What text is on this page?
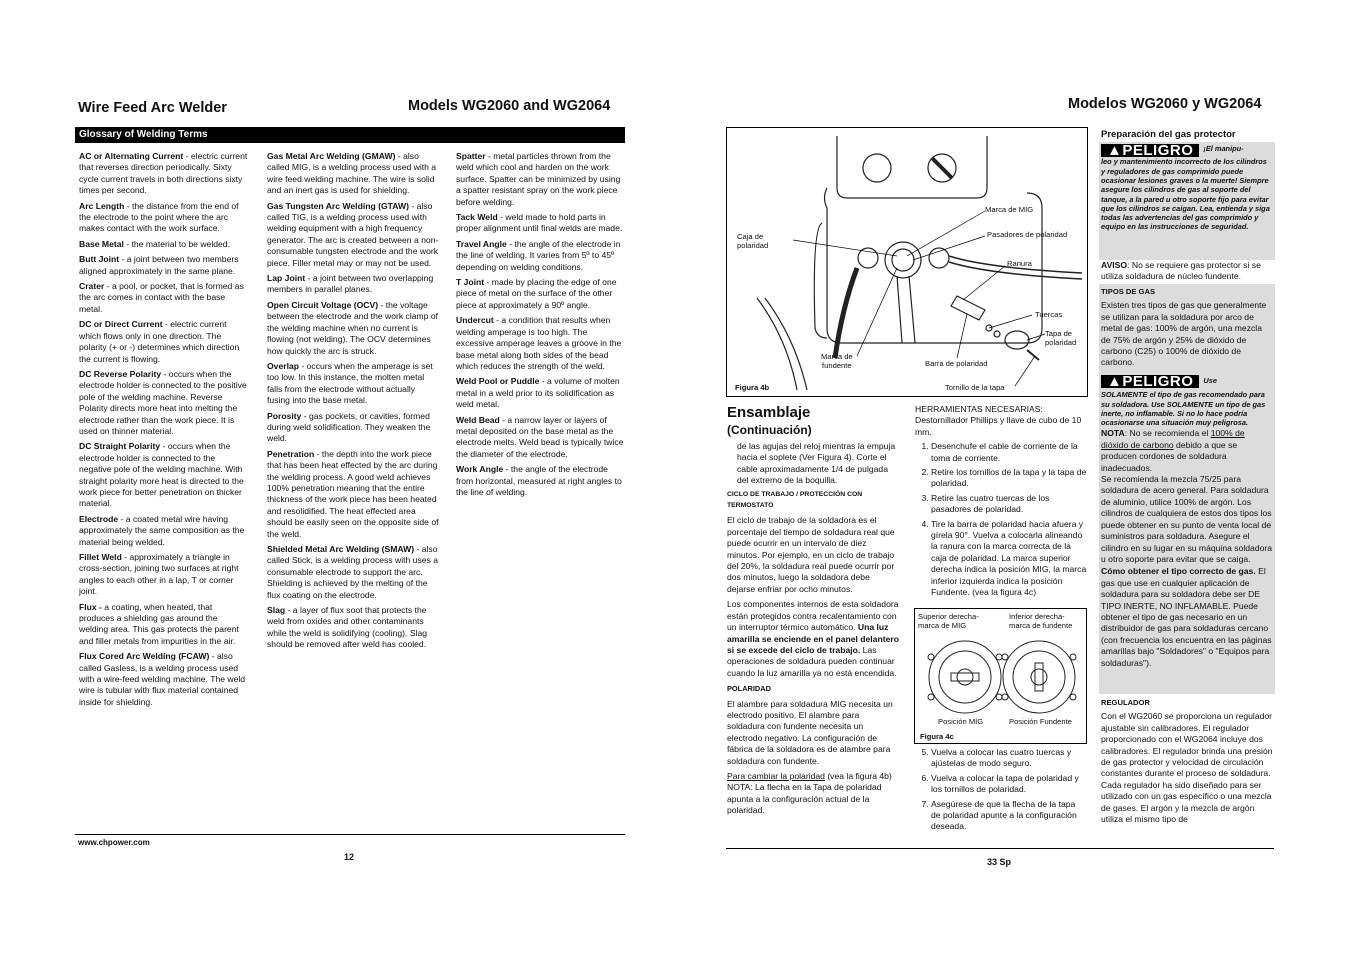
Wire Feed Arc Welder	Models WG2060 and WG2064
Glossary of Welding Terms

AC or Alternating Current - electric current that reverses direction periodically. Sixty cycle current travels in both directions sixty times per second.

Arc Length - the distance from the end of the electrode to the point where the arc makes contact with the work surface.

Base Metal - the material to be welded.

Butt Joint - a joint between two members aligned approximately in the same plane.

Crater - a pool, or pocket, that is formed as the arc comes in contact with the base metal.

DC or Direct Current - electric current which flows only in one direction. The polarity (+ or -) determines which direction the current is flowing.

DC Reverse Polarity - occurs when the electrode holder is connected to the positive pole of the welding machine. Reverse Polarity directs more heat into melting the electrode rather than the work piece. It is used on thinner material.

DC Straight Polarity - occurs when the electrode holder is connected to the negative pole of the welding machine. With straight polarity more heat is directed to the work piece for better penetration on thicker material.

Electrode - a coated metal wire having approximately the same composition as the material being welded.

Fillet Weld - approximately a triangle in cross-section, joining two surfaces at right angles to each other in a lap, T or corner joint.

Flux - a coating, when heated, that produces a shielding gas around the welding area. This gas protects the parent and filler metals from impurities in the air.

Flux Cored Arc Welding (FCAW) - also called Gasless, is a welding process used with a wire-feed welding machine. The weld wire is tubular with flux material contained inside for shielding.

Gas Metal Arc Welding (GMAW) - also called MIG, is a welding process used with a wire feed welding machine. The wire is solid and an inert gas is used for shielding.

Gas Tungsten Arc Welding (GTAW) - also called TIG, is a welding process used with welding equipment with a high frequency generator. The arc is created between a non-consumable tungsten electrode and the work piece. Filler metal may or may not be used.

Lap Joint - a joint between two overlapping members in parallel planes.

Open Circuit Voltage (OCV) - the voltage between the electrode and the work clamp of the welding machine when no current is flowing (not welding). The OCV determines how quickly the arc is struck.

Overlap - occurs when the amperage is set too low. In this instance, the molten metal falls from the electrode without actually fusing into the base metal.

Porosity - gas pockets, or cavities, formed during weld solidification. They weaken the weld.

Penetration - the depth into the work piece that has been heat effected by the arc during the welding process. A good weld achieves 100% penetration meaning that the entire thickness of the work piece has been heated and resolidified. The heat effected area should be easily seen on the opposite side of the weld.

Shielded Metal Arc Welding (SMAW) - also called Stick, is a welding process with uses a consumable electrode to support the arc. Shielding is achieved by the melting of the flux coating on the electrode.

Slag - a layer of flux soot that protects the weld from oxides and other contaminants while the weld is solidifying (cooling). Slag should be removed after weld has cooled.

Spatter - metal particles thrown from the weld which cool and harden on the work surface. Spatter can be minimized by using a spatter resistant spray on the work piece before welding.

Tack Weld - weld made to hold parts in proper alignment until final welds are made.

Travel Angle - the angle of the electrode in the line of welding. It varies from 5º to 45º depending on welding conditions.

T Joint - made by placing the edge of one piece of metal on the surface of the other piece at approximately a 90º angle.

Undercut - a condition that results when welding amperage is too high. The excessive amperage leaves a groove in the base metal along both sides of the bead which reduces the strength of the weld.

Weld Pool or Puddle - a volume of molten metal in a weld prior to its solidification as weld metal.

Weld Bead - a narrow layer or layers of metal deposited on the base metal as the electrode melts. Weld bead is typically twice the diameter of the electrode.

Work Angle - the angle of the electrode from horizontal, measured at right angles to the line of welding.

www.chpower.com
12
Modelos WG2060 y WG2064
Caja de
polaridad
Marca de MIG
Pasadores de polaridad
Ranura
Tuercas
Tapa de
polaridad
Marca de
fundente	Barra de polaridad
Tornillo de la tapa
Figura 4b
Ensamblaje
(Continuación)

de las agujas del reloj mientras la empuja hacia el soplete (Ver Figura 4). Corte el cable aproximadamente 1/4 de pulgada del extremo de la boquilla.

CICLO DE TRABAJO / PROTECCIÓN CON TERMOSTATO

El ciclo de trabajo de la soldadora es el porcentaje del tiempo de soldadura real que puede ocurrir en un intervalo de diez minutos. Por ejemplo, en un ciclo de trabajo del 20%, la soldadura real puede ocurrir por dos minutos, luego la soldadora debe dejarse enfriar por ocho minutos.

Los componentes internos de esta soldadora están protegidos contra recalentamiento con un interruptor térmico automático. Una luz amarilla se enciende en el panel delantero si se excede del ciclo de trabajo. Las operaciones de soldadura pueden continuar cuando la luz amarilla ya no está encendida.

POLARIDAD

El alambre para soldadura MIG necesita un electrodo positivo. El alambre para soldadura con fundente necesita un electrodo negativo. La configuración de fábrica de la soldadora es de alambre para soldadura con fundente.

Para cambiar la polaridad (vea la figura 4b)

NOTA: La flecha en la Tapa de polaridad apunta a la configuración actual de la polaridad.

HERRAMIENTAS NECESARIAS:
Destornillador Phillips y llave de cubo de 10 mm.
1. Desenchufe el cable de corriente de la toma de corriente.
2. Retire los tornillos de la tapa y la tapa de polaridad.
3. Retire las cuatro tuercas de los pasadores de polaridad.
4. Tire la barra de polaridad hacia afuera y gírela 90°. Vuelva a colocarla alineando la ranura con la marca correcta de la caja de polaridad. La marca superior derecha indica la posición MIG, la marca inferior izquierda indica la posición Fundente. (vea la figura 4c)
Superior derecha-
marca de MIG
Inferior derecha-
marca de fundente
Posición MIG	Posición Fundente
Figura 4c
5. Vuelva a colocar las cuatro tuercas y ajústelas de modo seguro.
6. Vuelva a colocar la tapa de polaridad y los tornillos de polaridad.
7. Asegúrese de que la flecha de la tapa de polaridad apunte a la configuración deseada.
Preparación del gas protector
▲PELIGRO	¡El manipu-
leo y mantenimiento incorrecto de los cilindros y reguladores de gas comprimido puede ocasionar lesiones graves o la muerte! Siempre asegure los cilindros de gas al soporte del tanque, a la pared u otro soporte fijo para evitar que los cilindros se caigan. Lea, entienda y siga todas las advertencias del gas comprimido y equipo en las instrucciones de seguridad.
AVISO: No se requiere gas protector si se utiliza soldadura de núcleo fundente.
TIPOS DE GAS
Existen tres tipos de gas que generalmente se utilizan para la soldadura por arco de metal de gas: 100% de argón, una mezcla de 75% de argón y 25% de dióxido de carbono (C25) o 100% de dióxido de carbono.
▲PELIGRO	Use
SOLAMENTE el tipo de gas recomendado para su soldadora. Use SOLAMENTE un tipo de gas inerte, no inflamable. Si no lo hace podría ocasionarse una situación muy peligrosa.
NOTA: No se recomienda el 100% de dióxido de carbono debido a que se producen cordones de soldadura inadecuados.
Se recomienda la mezcla 75/25 para soldadura de acero general. Para soldadura de aluminio, utilice 100% de argón. Los cilindros de cualquiera de estos dos tipos los puede obtener en su punto de venta local de suministros para soldadura. Asegure el cilindro en su lugar en su máquina soldadora u otro soporte para evitar que se caiga.
Cómo obtener el tipo correcto de gas. El gas que use en cualquier aplicación de soldadura para su soldadora debe ser DE TIPO INERTE, NO INFLAMABLE. Puede obtener el tipo de gas necesario en un distribuidor de gas para soldaduras cercano (con frecuencia los encuentra en las páginas amarillas bajo "Soldadores" o "Equipos para soldaduras").
REGULADOR
Con el WG2060 se proporciona un regulador ajustable sin calibradores. El regulador proporcionado con el WG2064 incluye dos calibradores. El regulador brinda una presión de gas protector y velocidad de circulación constantes durante el proceso de soldadura. Cada regulador ha sido diseñado para ser utilizado con un gas específico o una mezcla de gases. El argón y la mezcla de argón utiliza el mismo tipo de
33 Sp
